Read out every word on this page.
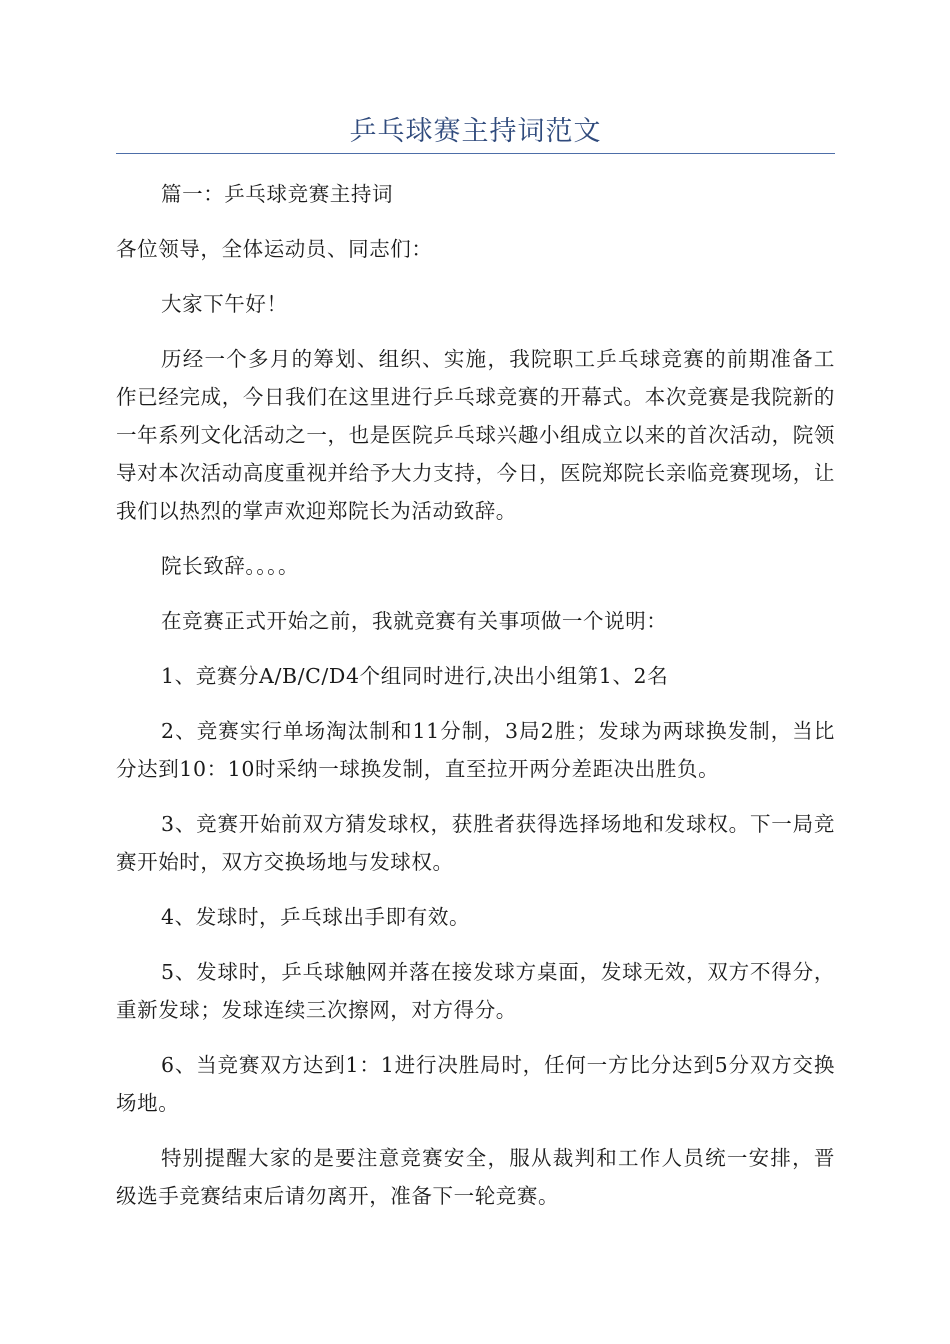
乒乓球赛主持词范文

篇一：乒乓球竞赛主持词

各位领导，全体运动员、同志们：

大家下午好！

历经一个多月的筹划、组织、实施，我院职工乒乓球竞赛的前期准备工作已经完成，今日我们在这里进行乒乓球竞赛的开幕式。本次竞赛是我院新的一年系列文化活动之一，也是医院乒乓球兴趣小组成立以来的首次活动，院领导对本次活动高度重视并给予大力支持，今日，医院郑院长亲临竞赛现场，让我们以热烈的掌声欢迎郑院长为活动致辞。

院长致辞。。。。

在竞赛正式开始之前，我就竞赛有关事项做一个说明：

1、竞赛分A/B/C/D4个组同时进行,决出小组第1、2名

2、竞赛实行单场淘汰制和11分制，3局2胜；发球为两球换发制，当比分达到10：10时采纳一球换发制，直至拉开两分差距决出胜负。

3、竞赛开始前双方猜发球权，获胜者获得选择场地和发球权。下一局竞赛开始时，双方交换场地与发球权。

4、发球时，乒乓球出手即有效。

5、发球时，乒乓球触网并落在接发球方桌面，发球无效，双方不得分，重新发球；发球连续三次擦网，对方得分。

6、当竞赛双方达到1：1进行决胜局时，任何一方比分达到5分双方交换场地。

特别提醒大家的是要注意竞赛安全，服从裁判和工作人员统一安排，晋级选手竞赛结束后请勿离开，准备下一轮竞赛。
